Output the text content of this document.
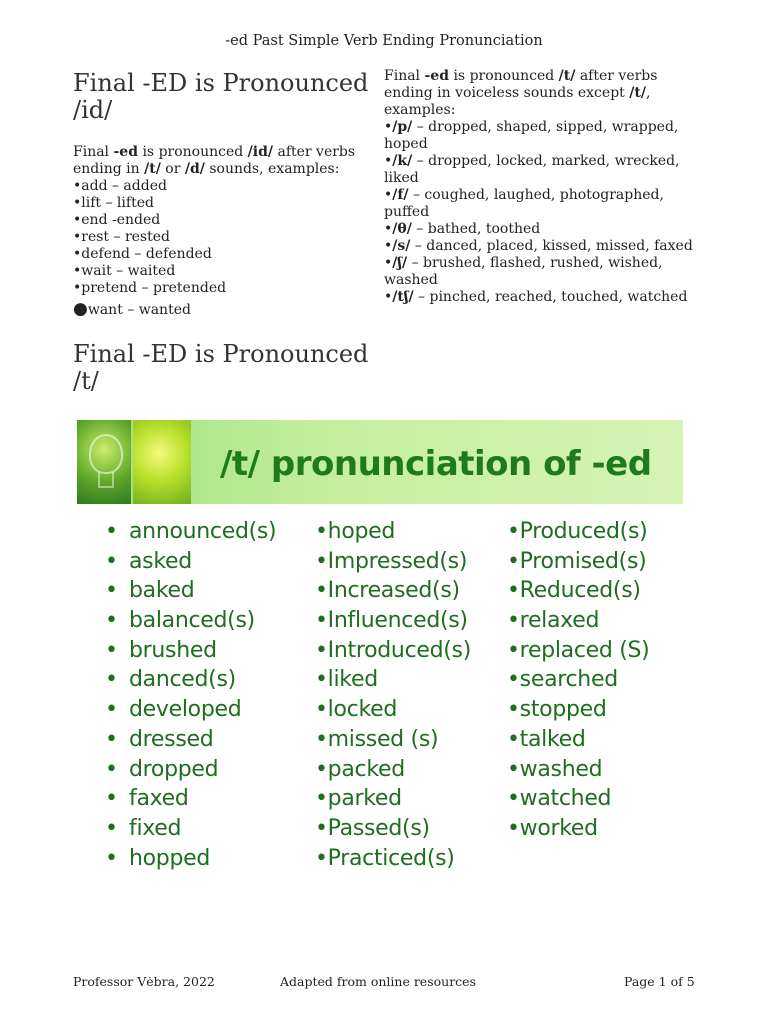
-ed Past Simple Verb Ending Pronunciation
Final -ED is Pronounced /id/
Final -ed is pronounced /id/ after verbs ending in /t/ or /d/ sounds, examples:
•add – added
•lift – lifted
•end -ended
•rest – rested
•defend – defended
•wait – waited
•pretend – pretended
●want – wanted
Final -ED is Pronounced /t/
Final -ed is pronounced /t/ after verbs ending in voiceless sounds except /t/, examples:
•/p/ – dropped, shaped, sipped, wrapped, hoped
•/k/ – dropped, locked, marked, wrecked, liked
•/f/ – coughed, laughed, photographed, puffed
•/θ/ – bathed, toothed
•/s/ – danced, placed, kissed, missed, faxed
•/ʃ/ – brushed, flashed, rushed, wished, washed
•/tʃ/ – pinched, reached, touched, watched
/t/ pronunciation of -ed
• announced(s)
• asked
• baked
• balanced(s)
• brushed
• danced(s)
• developed
• dressed
• dropped
• faxed
• fixed
• hopped
•hoped
•Impressed(s)
•Increased(s)
•Influenced(s)
•Introduced(s)
•liked
•locked
•missed (s)
•packed
•parked
•Passed(s)
•Practiced(s)
•Produced(s)
•Promised(s)
•Reduced(s)
•relaxed
•replaced (S)
•searched
•stopped
•talked
•washed
•watched
•worked
Professor Vėbra, 2022	Adapted from online resources	Page 1 of 5
